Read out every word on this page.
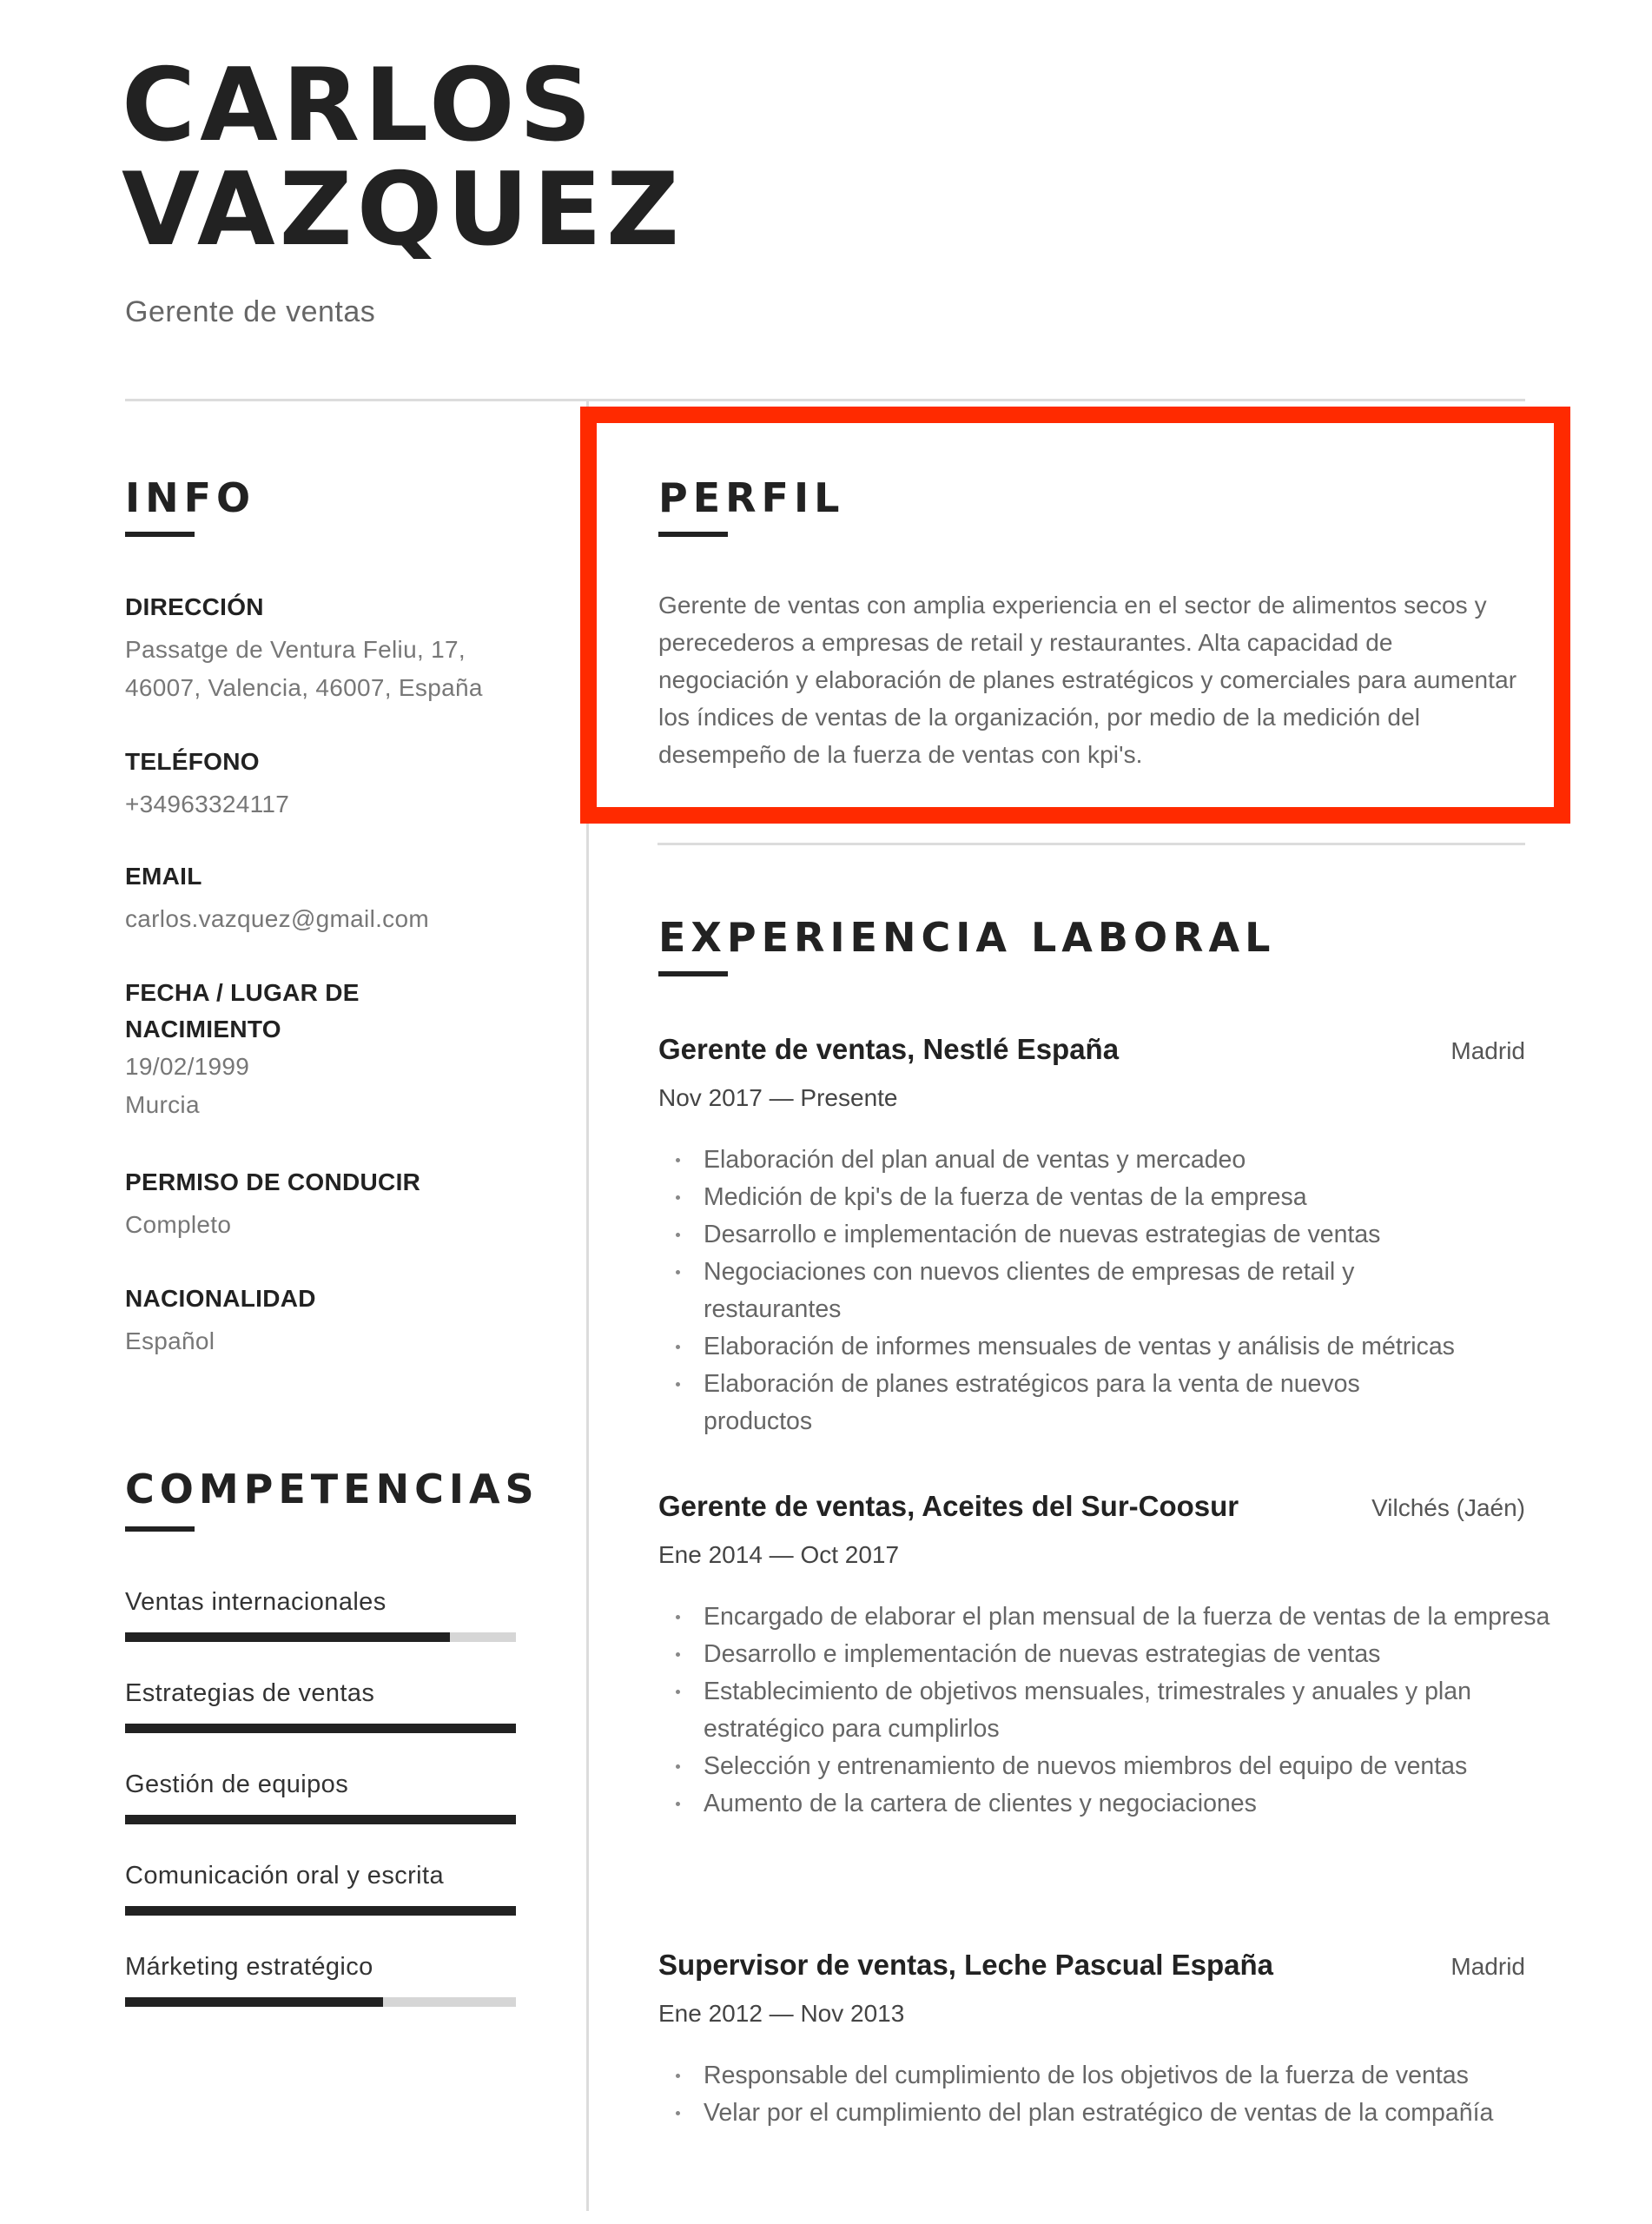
CARLOS
VAZQUEZ
Gerente de ventas
INFO
DIRECCIÓN
Passatge de Ventura Feliu, 17,
46007, Valencia, 46007, España
TELÉFONO
+34963324117
EMAIL
carlos.vazquez@gmail.com
FECHA / LUGAR DE
NACIMIENTO
19/02/1999
Murcia
PERMISO DE CONDUCIR
Completo
NACIONALIDAD
Español
COMPETENCIAS
Ventas internacionales
Estrategias de ventas
Gestión de equipos
Comunicación oral y escrita
Márketing estratégico
PERFIL
Gerente de ventas con amplia experiencia en el sector de alimentos secos y perecederos a empresas de retail y restaurantes. Alta capacidad de negociación y elaboración de planes estratégicos y comerciales para aumentar los índices de ventas de la organización, por medio de la medición del desempeño de la fuerza de ventas con kpi's.
EXPERIENCIA LABORAL
Gerente de ventas, Nestlé España	Madrid
Nov 2017 — Presente
Elaboración del plan anual de ventas y mercadeo
Medición de kpi's de la fuerza de ventas de la empresa
Desarrollo e implementación de nuevas estrategias de ventas
Negociaciones con nuevos clientes de empresas de retail y restaurantes
Elaboración de informes mensuales de ventas y análisis de métricas
Elaboración de planes estratégicos para la venta de nuevos productos
Gerente de ventas, Aceites del Sur-Coosur	Vilchés (Jaén)
Ene 2014 — Oct 2017
Encargado de elaborar el plan mensual de la fuerza de ventas de la empresa
Desarrollo e implementación de nuevas estrategias de ventas
Establecimiento de objetivos mensuales, trimestrales y anuales y plan estratégico para cumplirlos
Selección y entrenamiento de nuevos miembros del equipo de ventas
Aumento de la cartera de clientes y negociaciones
Supervisor de ventas, Leche Pascual España	Madrid
Ene 2012 — Nov 2013
Responsable del cumplimiento de los objetivos de la fuerza de ventas
Velar por el cumplimiento del plan estratégico de ventas de la compañía
